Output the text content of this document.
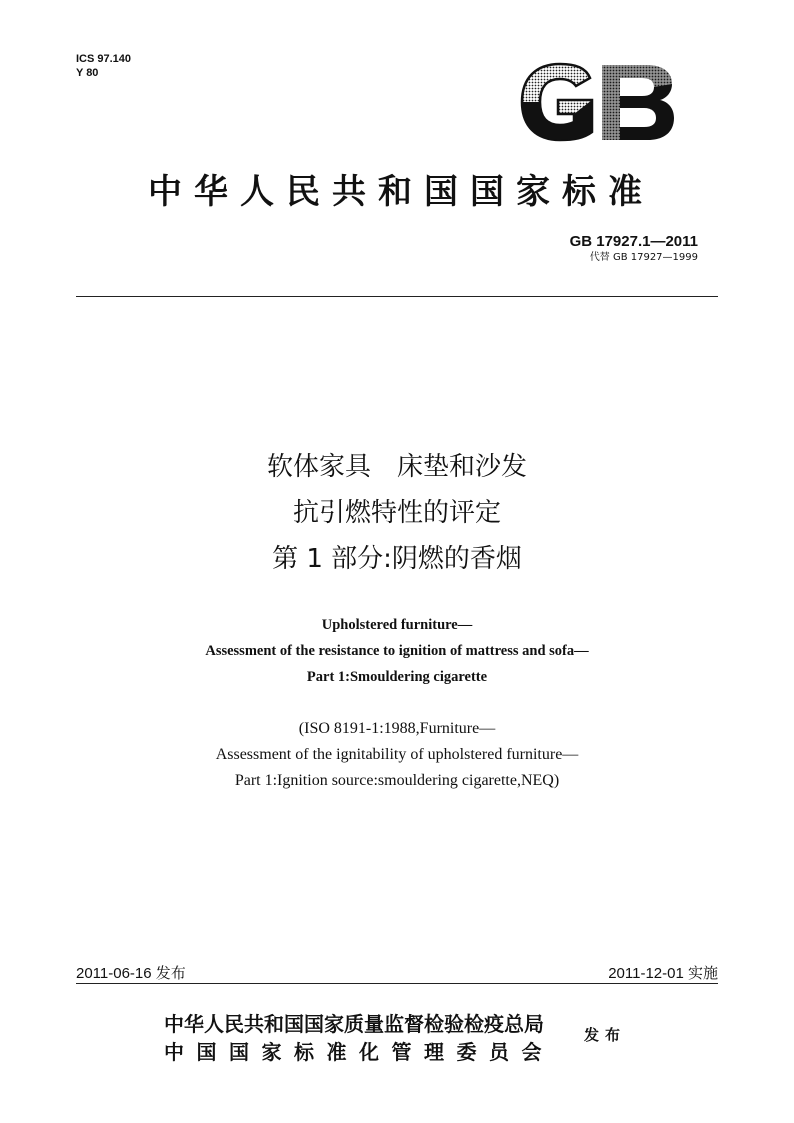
ICS 97.140
Y 80
中华人民共和国国家标准
GB 17927.1—2011
代替 GB 17927—1999
软体家具　床垫和沙发
抗引燃特性的评定
第 1 部分:阴燃的香烟
Upholstered furniture—
Assessment of the resistance to ignition of mattress and sofa—
Part 1:Smouldering cigarette
(ISO 8191-1:1988,Furniture—
Assessment of the ignitability of upholstered furniture—
Part 1:Ignition source:smouldering cigarette,NEQ)
2011-06-16 发布	2011-12-01 实施
中华人民共和国国家质量监督检验检疫总局
中国国家标准化管理委员会
发布
